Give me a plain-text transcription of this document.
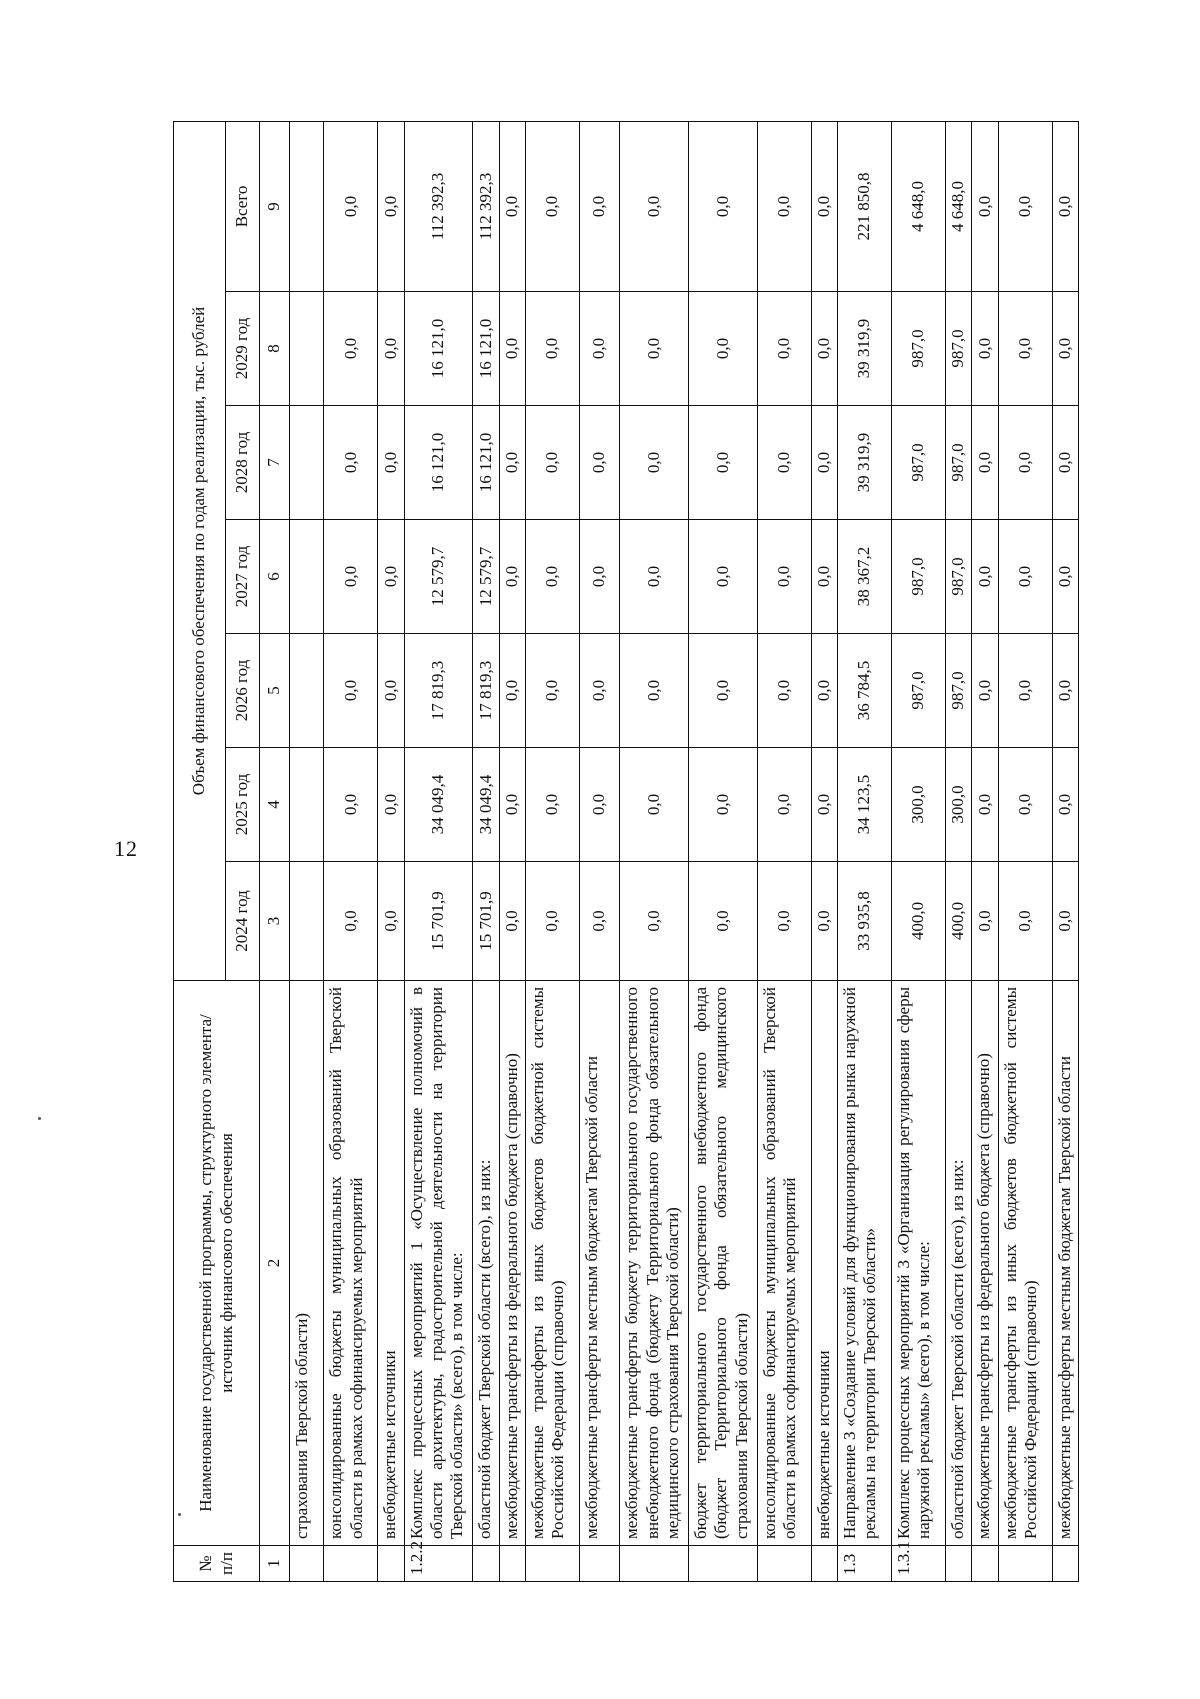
12
№ п/п	Наименование государственной программы, структурного элемента/источник финансового обеспечения	Объем финансового обеспечения по годам реализации, тыс. рублей						
		2024 год	2025 год	2026 год	2027 год	2028 год	2029 год	Всего
1	2	3	4	5	6	7	8	9
	страхования Тверской области)							
	консолидированные бюджеты муниципальных образований Тверской области в рамках софинансируемых мероприятий	0,0	0,0	0,0	0,0	0,0	0,0	0,0
	внебюджетные источники	0,0	0,0	0,0	0,0	0,0	0,0	0,0
1.2.2	Комплекс процессных мероприятий 1 «Осуществление полномочий в области архитектуры, градостроительной деятельности на территории Тверской области» (всего), в том числе:	15 701,9	34 049,4	17 819,3	12 579,7	16 121,0	16 121,0	112 392,3
	областной бюджет Тверской области (всего), из них:	15 701,9	34 049,4	17 819,3	12 579,7	16 121,0	16 121,0	112 392,3
	межбюджетные трансферты из федерального бюджета (справочно)	0,0	0,0	0,0	0,0	0,0	0,0	0,0
	межбюджетные трансферты из иных бюджетов бюджетной системы Российской Федерации (справочно)	0,0	0,0	0,0	0,0	0,0	0,0	0,0
	межбюджетные трансферты местным бюджетам Тверской области	0,0	0,0	0,0	0,0	0,0	0,0	0,0
	межбюджетные трансферты бюджету территориального государственного внебюджетного фонда (бюджету Территориального фонда обязательного медицинского страхования Тверской области)	0,0	0,0	0,0	0,0	0,0	0,0	0,0
	бюджет территориального государственного внебюджетного фонда (бюджет Территориального фонда обязательного медицинского страхования Тверской области)	0,0	0,0	0,0	0,0	0,0	0,0	0,0
	консолидированные бюджеты муниципальных образований Тверской области в рамках софинансируемых мероприятий	0,0	0,0	0,0	0,0	0,0	0,0	0,0
	внебюджетные источники	0,0	0,0	0,0	0,0	0,0	0,0	0,0
1.3	Направление 3 «Создание условий для функционирования рынка наружной рекламы на территории Тверской области»	33 935,8	34 123,5	36 784,5	38 367,2	39 319,9	39 319,9	221 850,8
1.3.1	Комплекс процессных мероприятий 3 «Организация регулирования сферы наружной рекламы» (всего), в том числе:	400,0	300,0	987,0	987,0	987,0	987,0	4 648,0
	областной бюджет Тверской области (всего), из них:	400,0	300,0	987,0	987,0	987,0	987,0	4 648,0
	межбюджетные трансферты из федерального бюджета (справочно)	0,0	0,0	0,0	0,0	0,0	0,0	0,0
	межбюджетные трансферты из иных бюджетов бюджетной системы Российской Федерации (справочно)	0,0	0,0	0,0	0,0	0,0	0,0	0,0
	межбюджетные трансферты местным бюджетам Тверской области	0,0	0,0	0,0	0,0	0,0	0,0	0,0
